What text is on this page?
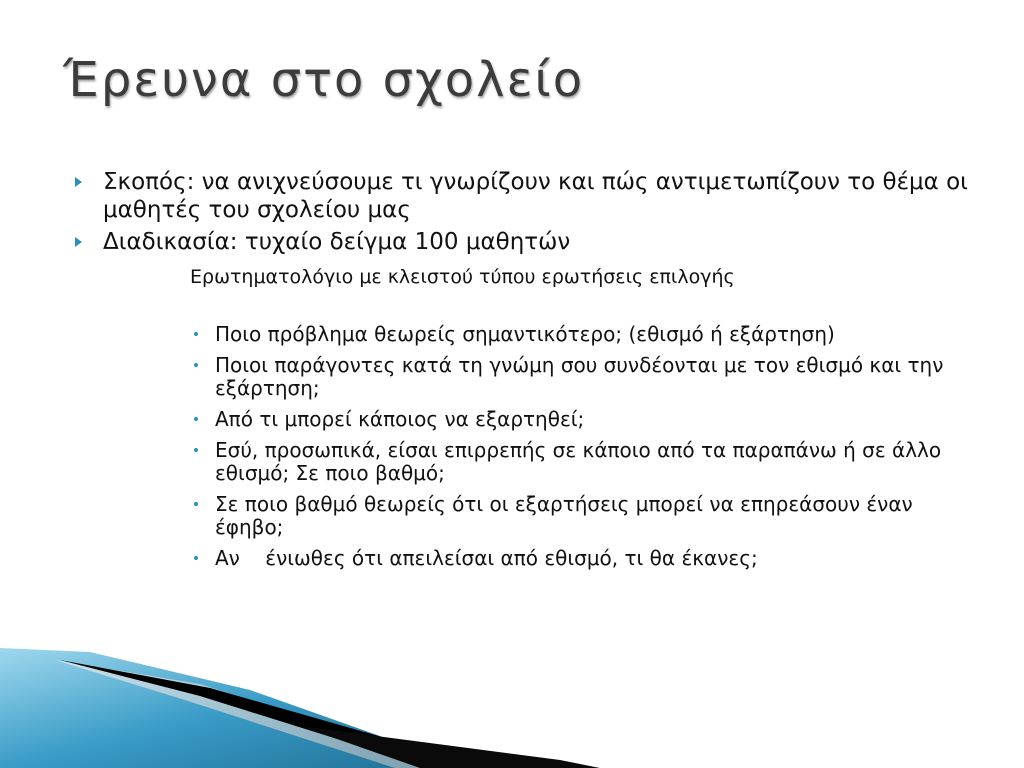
Έρευνα στο σχολείο
Σκοπός: να ανιχνεύσουμε τι γνωρίζουν και πώς αντιμετωπίζουν το θέμα οι μαθητές του σχολείου μας
Διαδικασία: τυχαίο δείγμα 100 μαθητών
Ερωτηματολόγιο με κλειστού τύπου ερωτήσεις επιλογής
Ποιο πρόβλημα θεωρείς σημαντικότερο; (εθισμό ή εξάρτηση)
Ποιοι παράγοντες κατά τη γνώμη σου συνδέονται με τον εθισμό και την εξάρτηση;
Από τι μπορεί κάποιος να εξαρτηθεί;
Εσύ, προσωπικά, είσαι επιρρεπής σε κάποιο από τα παραπάνω ή σε άλλο εθισμό; Σε ποιο βαθμό;
Σε ποιο βαθμό θεωρείς ότι οι εξαρτήσεις μπορεί να επηρεάσουν έναν έφηβο;
Αν    ένιωθες ότι απειλείσαι από εθισμό, τι θα έκανες;
